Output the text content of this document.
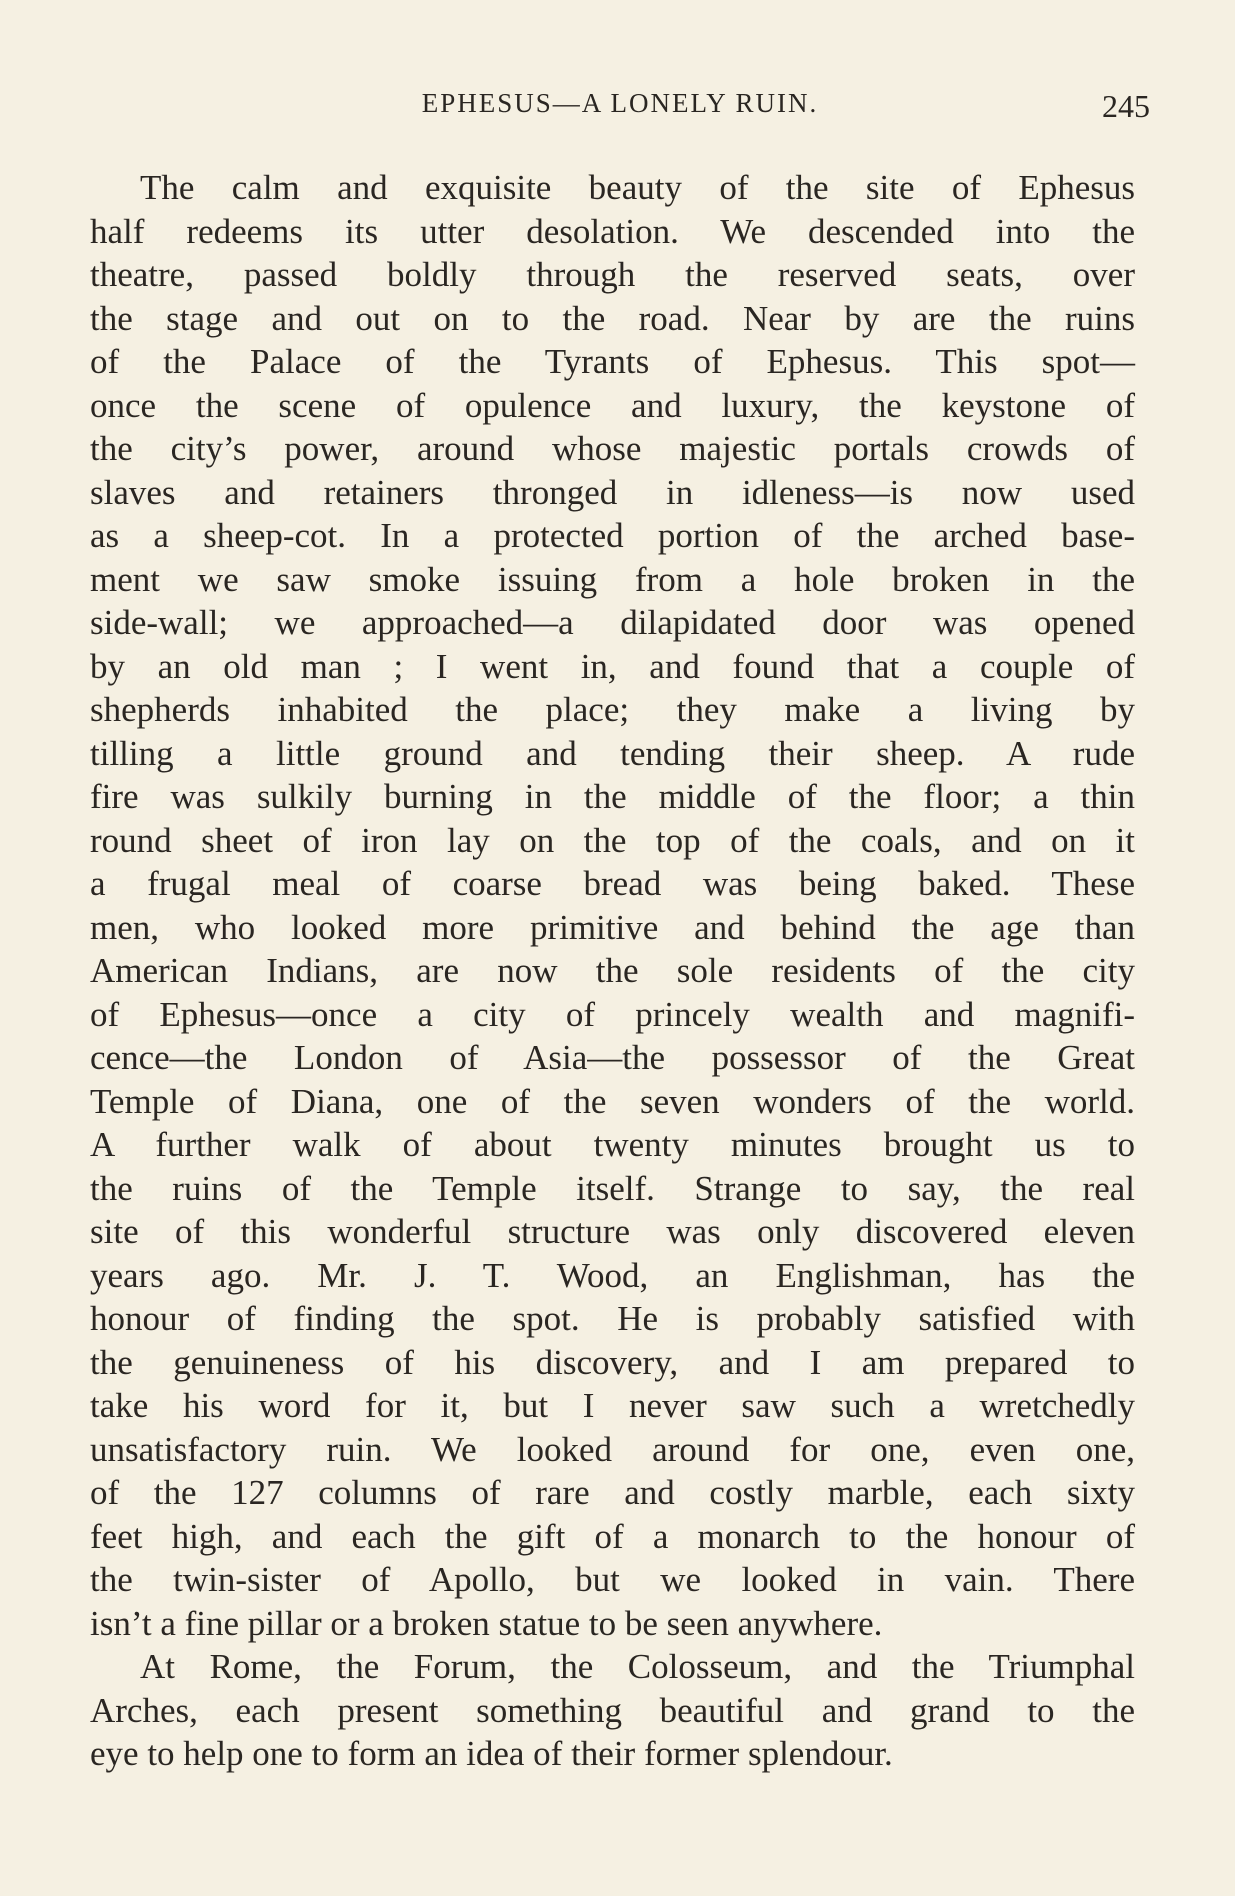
EPHESUS—A LONELY RUIN.	245
The calm and exquisite beauty of the site of Ephesus
half redeems its utter desolation. We descended into the
theatre, passed boldly through the reserved seats, over
the stage and out on to the road. Near by are the ruins
of the Palace of the Tyrants of Ephesus. This spot—
once the scene of opulence and luxury, the keystone of
the city’s power, around whose majestic portals crowds of
slaves and retainers thronged in idleness—is now used
as a sheep-cot. In a protected portion of the arched base-
ment we saw smoke issuing from a hole broken in the
side-wall; we approached—a dilapidated door was opened
by an old man ; I went in, and found that a couple of
shepherds inhabited the place; they make a living by
tilling a little ground and tending their sheep. A rude
fire was sulkily burning in the middle of the floor; a thin
round sheet of iron lay on the top of the coals, and on it
a frugal meal of coarse bread was being baked. These
men, who looked more primitive and behind the age than
American Indians, are now the sole residents of the city
of Ephesus—once a city of princely wealth and magnifi-
cence—the London of Asia—the possessor of the Great
Temple of Diana, one of the seven wonders of the world.
A further walk of about twenty minutes brought us to
the ruins of the Temple itself. Strange to say, the real
site of this wonderful structure was only discovered eleven
years ago. Mr. J. T. Wood, an Englishman, has the
honour of finding the spot. He is probably satisfied with
the genuineness of his discovery, and I am prepared to
take his word for it, but I never saw such a wretchedly
unsatisfactory ruin. We looked around for one, even one,
of the 127 columns of rare and costly marble, each sixty
feet high, and each the gift of a monarch to the honour of
the twin-sister of Apollo, but we looked in vain. There
isn’t a fine pillar or a broken statue to be seen anywhere.
At Rome, the Forum, the Colosseum, and the Triumphal
Arches, each present something beautiful and grand to the
eye to help one to form an idea of their former splendour.
